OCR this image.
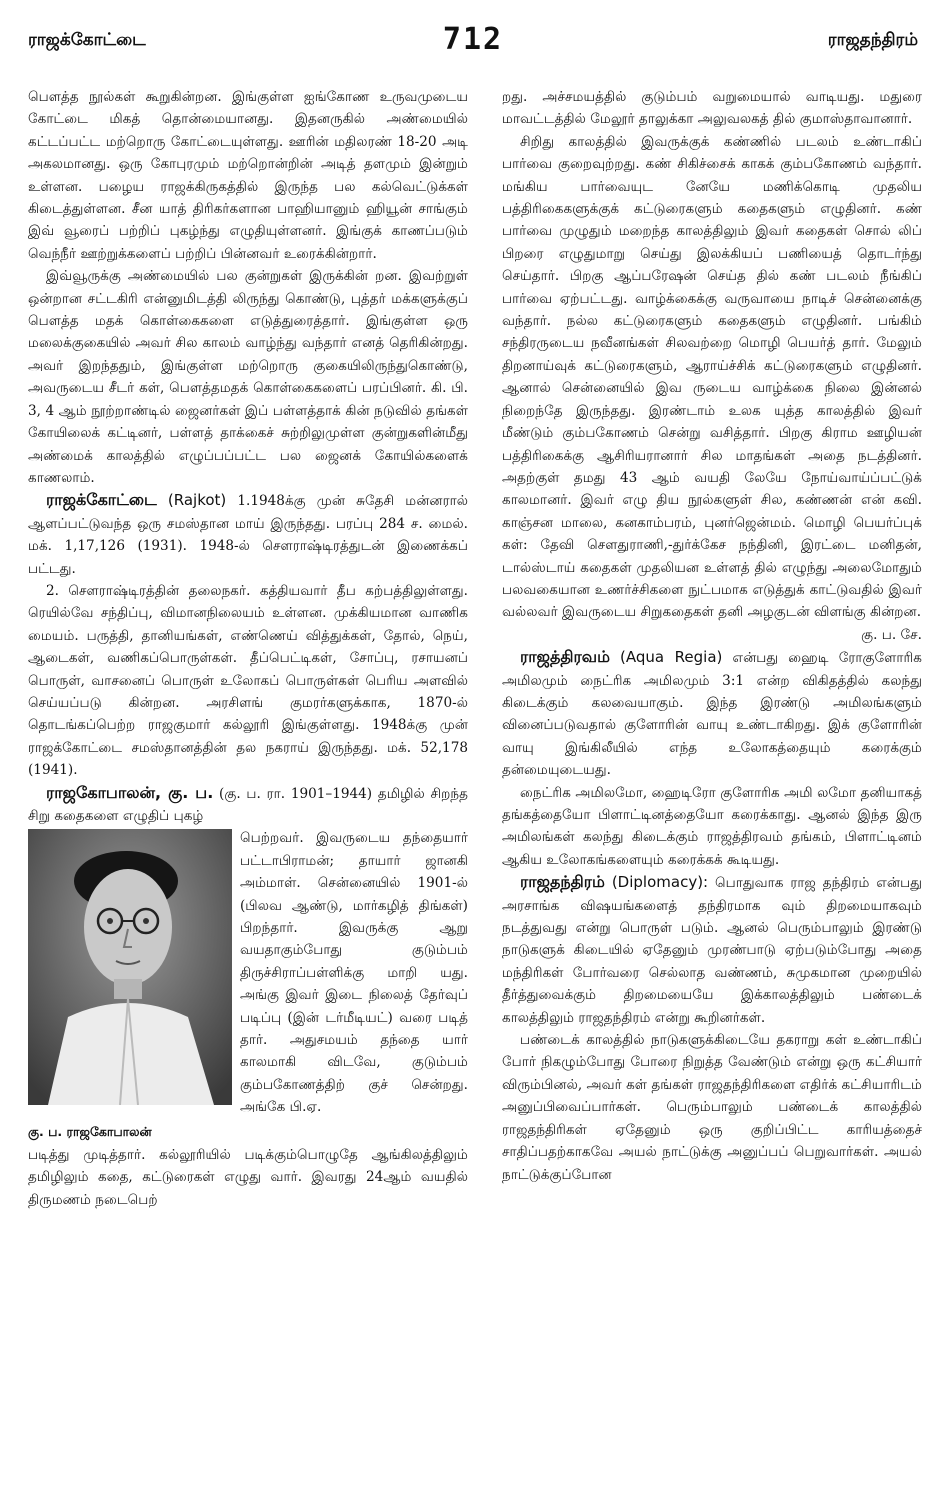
ராஜக்கோட்டை	712	ராஜதந்திரம்

பௌத்த நூல்கள் கூறுகின்றன. இங்குள்ள ஐங்கோண உருவமுடைய கோட்டை மிகத் தொன்மையானது. இதனருகில் அண்மையில் கட்டப்பட்ட மற்றொரு கோட்டையுள்ளது. ஊரின் மதிலரண் 18-20 அடி அகலமானது. ஒரு கோபுரமும் மற்றொன்றின் அடித் தளமும் இன்றும் உள்ளன. பழைய ராஜக்கிருகத்தில் இருந்த பல கல்வெட்டுக்கள் கிடைத்துள்ளன. சீன யாத் திரிகர்களான பாஹியானும் ஹியூன் சாங்கும் இவ் வூரைப் பற்றிப் புகழ்ந்து எழுதியுள்ளனர். இங்குக் காணப்படும் வெந்நீர் ஊற்றுக்களைப் பற்றிப் பின்னவர் உரைக்கின்றார்.

இவ்வூருக்கு அண்மையில் பல குன்றுகள் இருக்கின் றன. இவற்றுள் ஒன்றான சட்டகிரி என்னுமிடத்தி லிருந்து கொண்டு, புத்தர் மக்களுக்குப் பௌத்த மதக் கொள்கைகளை எடுத்துரைத்தார். இங்குள்ள ஒரு மலைக்குகையில் அவர் சில காலம் வாழ்ந்து வந்தார் எனத் தெரிகின்றது. அவர் இறந்ததும், இங்குள்ள மற்றொரு குகையிலிருந்துகொண்டு, அவருடைய சீடர் கள், பௌத்தமதக் கொள்கைகளைப் பரப்பினர். கி. பி. 3, 4 ஆம் நூற்றாண்டில் ஜைனர்கள் இப் பள்ளத்தாக் கின் நடுவில் தங்கள் கோயிலைக் கட்டினர், பள்ளத் தாக்கைச் சுற்றிலுமுள்ள குன்றுகளின்மீது அண்மைக் காலத்தில் எழுப்பப்பட்ட பல ஜைனக் கோயில்களைக் காணலாம்.

ராஜக்கோட்டை (Rajkot) 1.1948க்கு முன் சுதேசி மன்னரால் ஆளப்பட்டுவந்த ஒரு சமஸ்தான மாய் இருந்தது. பரப்பு 284 ச. மைல். மக். 1,17,126 (1931). 1948-ல் சௌராஷ்டிரத்துடன் இணைக்கப் பட்டது.

2. சௌராஷ்டிரத்தின் தலைநகர். கத்தியவார் தீப கற்பத்திலுள்ளது. ரெயில்வே சந்திப்பு, விமானநிலையம் உள்ளன. முக்கியமான வாணிக மையம். பருத்தி, தானியங்கள், எண்ணெய் வித்துக்கள், தோல், நெய், ஆடைகள், வணிகப்பொருள்கள். தீப்பெட்டிகள், சோப்பு, ரசாயனப் பொருள், வாசனைப் பொருள் உலோகப் பொருள்கள் பெரிய அளவில் செய்யப்படு கின்றன. அரசிளங் குமரர்களுக்காக, 1870-ல் தொடங்கப்பெற்ற ராஜகுமார் கல்லூரி இங்குள்ளது. 1948க்கு முன் ராஜக்கோட்டை சமஸ்தானத்தின் தல நகராய் இருந்தது. மக். 52,178 (1941).

ராஜகோபாலன், கு. ப. (கு. ப. ரா. 1901–1944) தமிழில் சிறந்த சிறு கதைகளை எழுதிப் புகழ்

கு. ப. ராஜகோபாலன்

பெற்றவர். இவருடைய தந்தையார் பட்டாபிராமன்; தாயார் ஜானகி அம்மாள். சென்னையில் 1901-ல் (பிலவ ஆண்டு, மார்கழித் திங்கள்) பிறந்தார். இவருக்கு ஆறு வயதாகும்போது குடும்பம் திருச்சிராப்பள்ளிக்கு மாறி யது. அங்கு இவர் இடை நிலைத் தேர்வுப் படிப்பு (இன் டர்மீடியட்) வரை படித் தார். அதுசமயம் தந்தை யார் காலமாகி விடவே, குடும்பம் கும்பகோணத்திற் குச் சென்றது. அங்கே பி.ஏ.

படித்து முடித்தார். கல்லூரியில் படிக்கும்பொழுதே ஆங்கிலத்திலும் தமிழிலும் கதை, கட்டுரைகள் எழுது வார். இவரது 24ஆம் வயதில் திருமணம் நடைபெற்

றது. அச்சமயத்தில் குடும்பம் வறுமையால் வாடியது. மதுரை மாவட்டத்தில் மேலூர் தாலுக்கா அலுவலகத் தில் குமாஸ்தாவானார்.

சிறிது காலத்தில் இவருக்குக் கண்ணில் படலம் உண்டாகிப் பார்வை குறைவுற்றது. கண் சிகிச்சைக் காகக் கும்பகோணம் வந்தார். மங்கிய பார்வையுட னேயே மணிக்கொடி முதலிய பத்திரிகைகளுக்குக் கட்டுரைகளும் கதைகளும் எழுதினர். கண் பார்வை முழுதும் மறைந்த காலத்திலும் இவர் கதைகள் சொல் லிப் பிறரை எழுதுமாறு செய்து இலக்கியப் பணியைத் தொடர்ந்து செய்தார். பிறகு ஆப்பரேஷன் செய்த தில் கண் படலம் நீங்கிப் பார்வை ஏற்பட்டது. வாழ்க்கைக்கு வருவாயை நாடிச் சென்னைக்கு வந்தார். நல்ல கட்டுரைகளும் கதைகளும் எழுதினர். பங்கிம் சந்திரருடைய நவீனங்கள் சிலவற்றை மொழி பெயர்த் தார். மேலும் திறனாய்வுக் கட்டுரைகளும், ஆராய்ச்சிக் கட்டுரைகளும் எழுதினர். ஆனால் சென்னையில் இவ ருடைய வாழ்க்கை நிலை இன்னல் நிறைந்தே இருந்தது. இரண்டாம் உலக யுத்த காலத்தில் இவர் மீண்டும் கும்பகோணம் சென்று வசித்தார். பிறகு கிராம ஊழியன் பத்திரிகைக்கு ஆசிரியரானார் சில மாதங்கள் அதை நடத்தினர். அதற்குள் தமது 43 ஆம் வயதி லேயே நோய்வாய்ப்பட்டுக் காலமானர். இவர் எழு திய நூல்களுள் சில, கண்ணன் என் கவி. காஞ்சன மாலை, கனகாம்பரம், புனர்ஜென்மம். மொழி பெயர்ப்புக் கள்: தேவி சௌதுராணி,-துர்க்கேச நந்தினி, இரட்டை மனிதன், டால்ஸ்டாய் கதைகள் முதலியன உள்ளத் தில் எழுந்து அலைமோதும் பலவகையான உணர்ச்சிகளை நுட்பமாக எடுத்துக் காட்டுவதில் இவர் வல்லவர் இவருடைய சிறுகதைகள் தனி அழகுடன் விளங்கு கின்றன.

கு. ப. சே.

ராஜத்திரவம் (Aqua Regia) என்பது ஹைடி ரோகுளோரிக அமிலமும் நைட்ரிக அமிலமும் 3:1 என்ற விகிதத்தில் கலந்து கிடைக்கும் கலவையாகும். இந்த இரண்டு அமிலங்களும் வினைப்படுவதால் குளோரின் வாயு உண்டாகிறது. இக் குளோரின் வாயு இங்கிலீயில் எந்த உலோகத்தையும் கரைக்கும் தன்மையுடையது.

நைட்ரிக அமிலமோ, ஹைடிரோ குளோரிக அமி லமோ தனியாகத் தங்கத்தையோ பிளாட்டினத்தையோ கரைக்காது. ஆனல் இந்த இரு அமிலங்கள் கலந்து கிடைக்கும் ராஜத்திரவம் தங்கம், பிளாட்டினம் ஆகிய உலோகங்களையும் கரைக்கக் கூடியது.

ராஜதந்திரம் (Diplomacy): பொதுவாக ராஜ தந்திரம் என்பது அரசாங்க விஷயங்களைத் தந்திரமாக வும் திறமையாகவும் நடத்துவது என்று பொருள் படும். ஆனல் பெரும்பாலும் இரண்டு நாடுகளுக் கிடையில் ஏதேனும் முரண்பாடு ஏற்படும்போது அதை மந்திரிகள் போர்வரை செல்லாத வண்ணம், சுமுகமான முறையில் தீர்த்துவைக்கும் திறமையையே இக்காலத்திலும் பண்டைக் காலத்திலும் ராஜதந்திரம் என்று கூறினர்கள்.

பண்டைக் காலத்தில் நாடுகளுக்கிடையே தகராறு கள் உண்டாகிப் போர் நிகழும்போது போரை நிறுத்த வேண்டும் என்று ஒரு கட்சியார் விரும்பினல், அவர் கள் தங்கள் ராஜதந்திரிகளை எதிர்க் கட்சியாரிடம் அனுப்பிவைப்பார்கள். பெரும்பாலும் பண்டைக் காலத்தில் ராஜதந்திரிகள் ஏதேனும் ஒரு குறிப்பிட்ட காரியத்தைச் சாதிப்பதற்காகவே அயல் நாட்டுக்கு அனுப்பப் பெறுவார்கள். அயல் நாட்டுக்குப்போன
